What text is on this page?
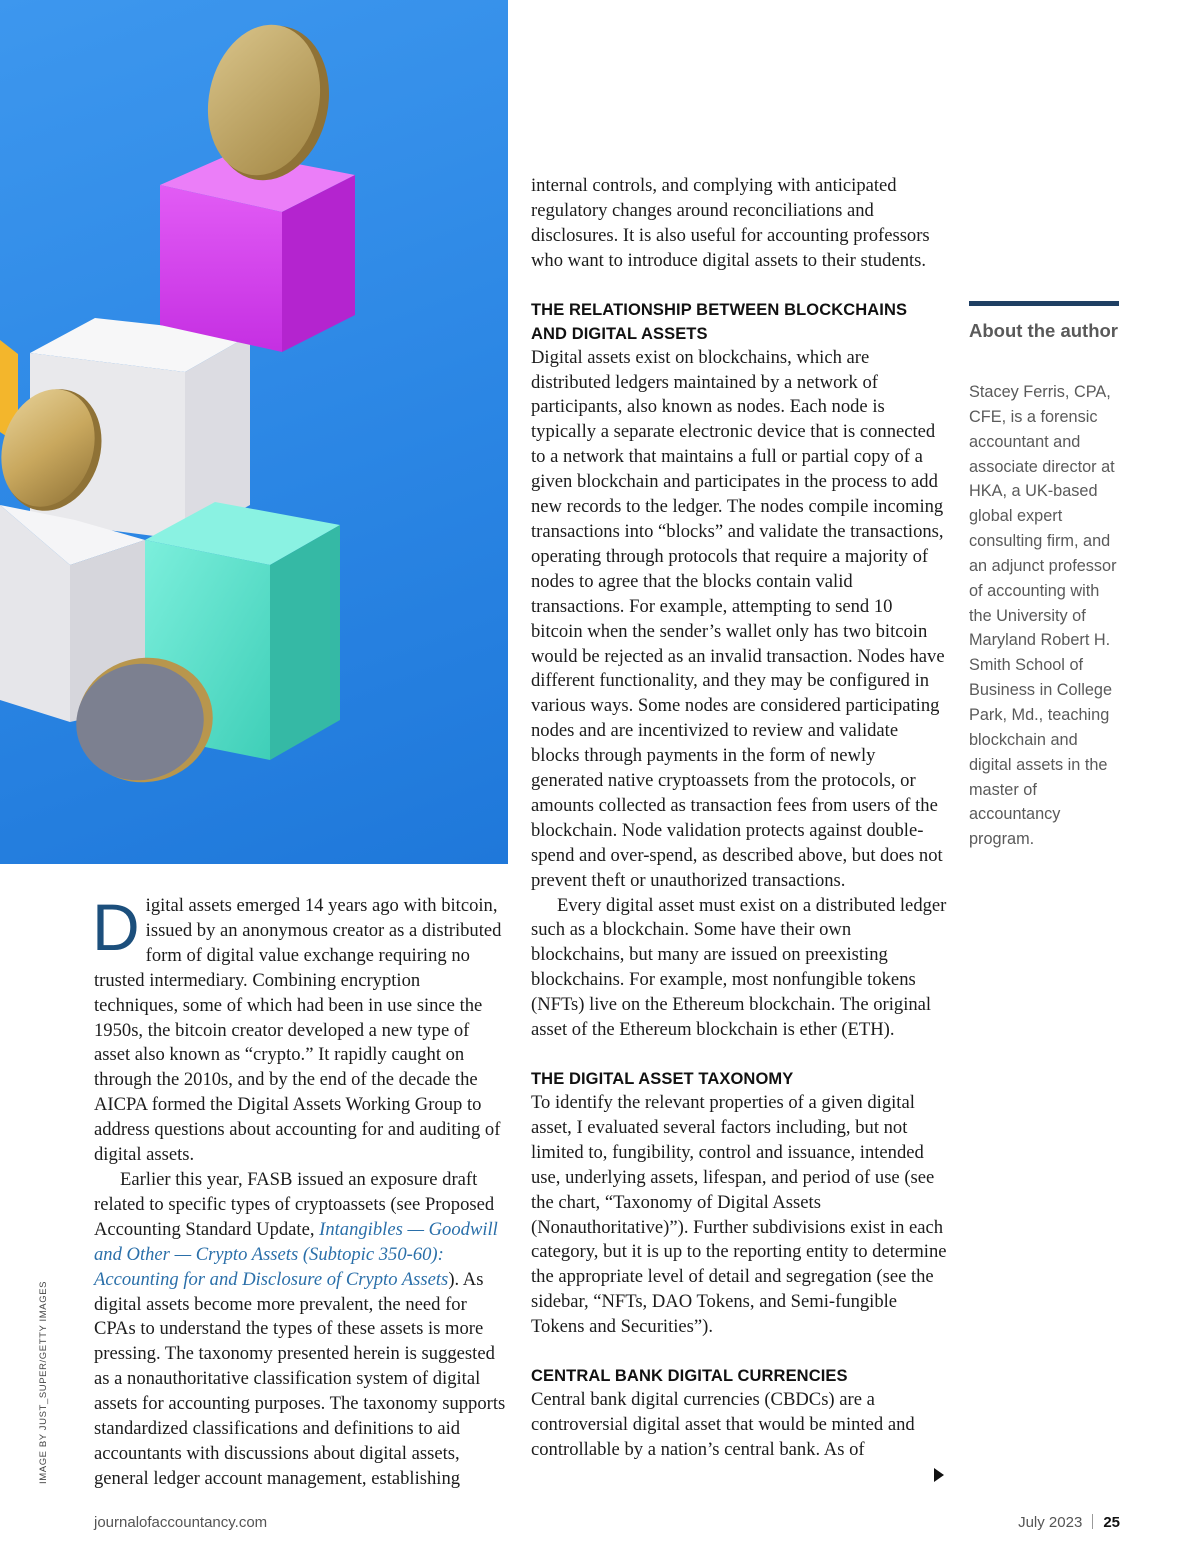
Digital assets emerged 14 years ago with bitcoin, issued by an anonymous creator as a distributed form of digital value exchange requiring no trusted intermediary. Combining encryption techniques, some of which had been in use since the 1950s, the bitcoin creator developed a new type of asset also known as “crypto.” It rapidly caught on through the 2010s, and by the end of the decade the AICPA formed the Digital Assets Working Group to address questions about accounting for and auditing of digital assets.

Earlier this year, FASB issued an exposure draft related to specific types of cryptoassets (see Proposed Accounting Standard Update, Intangibles — Goodwill and Other — Crypto Assets (Subtopic 350-60): Accounting for and Disclosure of Crypto Assets). As digital assets become more prevalent, the need for CPAs to understand the types of these assets is more pressing. The taxonomy presented herein is suggested as a nonauthoritative classification system of digital assets for accounting purposes. The taxonomy supports standardized classifications and definitions to aid accountants with discussions about digital assets, general ledger account management, establishing

internal controls, and complying with anticipated regulatory changes around reconciliations and disclosures. It is also useful for accounting professors who want to introduce digital assets to their students.

THE RELATIONSHIP BETWEEN BLOCKCHAINS
AND DIGITAL ASSETS

Digital assets exist on blockchains, which are distributed ledgers maintained by a network of participants, also known as nodes. Each node is typically a separate electronic device that is connected to a network that maintains a full or partial copy of a given blockchain and participates in the process to add new records to the ledger. The nodes compile incoming transactions into “blocks” and validate the transactions, operating through protocols that require a majority of nodes to agree that the blocks contain valid transactions. For example, attempting to send 10 bitcoin when the sender’s wallet only has two bitcoin would be rejected as an invalid transaction. Nodes have different functionality, and they may be configured in various ways. Some nodes are considered participating nodes and are incentivized to review and validate blocks through payments in the form of newly generated native cryptoassets from the protocols, or amounts collected as transaction fees from users of the blockchain. Node validation protects against double-spend and over-spend, as described above, but does not prevent theft or unauthorized transactions.

Every digital asset must exist on a distributed ledger such as a blockchain. Some have their own blockchains, but many are issued on preexisting blockchains. For example, most nonfungible tokens (NFTs) live on the Ethereum blockchain. The original asset of the Ethereum blockchain is ether (ETH).

THE DIGITAL ASSET TAXONOMY

To identify the relevant properties of a given digital asset, I evaluated several factors including, but not limited to, fungibility, control and issuance, intended use, underlying assets, lifespan, and period of use (see the chart, “Taxonomy of Digital Assets (Nonauthoritative)”). Further subdivisions exist in each category, but it is up to the reporting entity to determine the appropriate level of detail and segregation (see the sidebar, “NFTs, DAO Tokens, and Semi-fungible Tokens and Securities”).

CENTRAL BANK DIGITAL CURRENCIES

Central bank digital currencies (CBDCs) are a controversial digital asset that would be minted and controllable by a nation’s central bank. As of

About the author
Stacey Ferris, CPA, CFE, is a forensic accountant and associate director at HKA, a UK-based global expert consulting firm, and an adjunct professor of accounting with the University of Maryland Robert H. Smith School of Business in College Park, Md., teaching blockchain and digital assets in the master of accountancy program.
IMAGE BY JUST_SUPER/GETTY IMAGES
journalofaccountancy.com	July 2023 25
